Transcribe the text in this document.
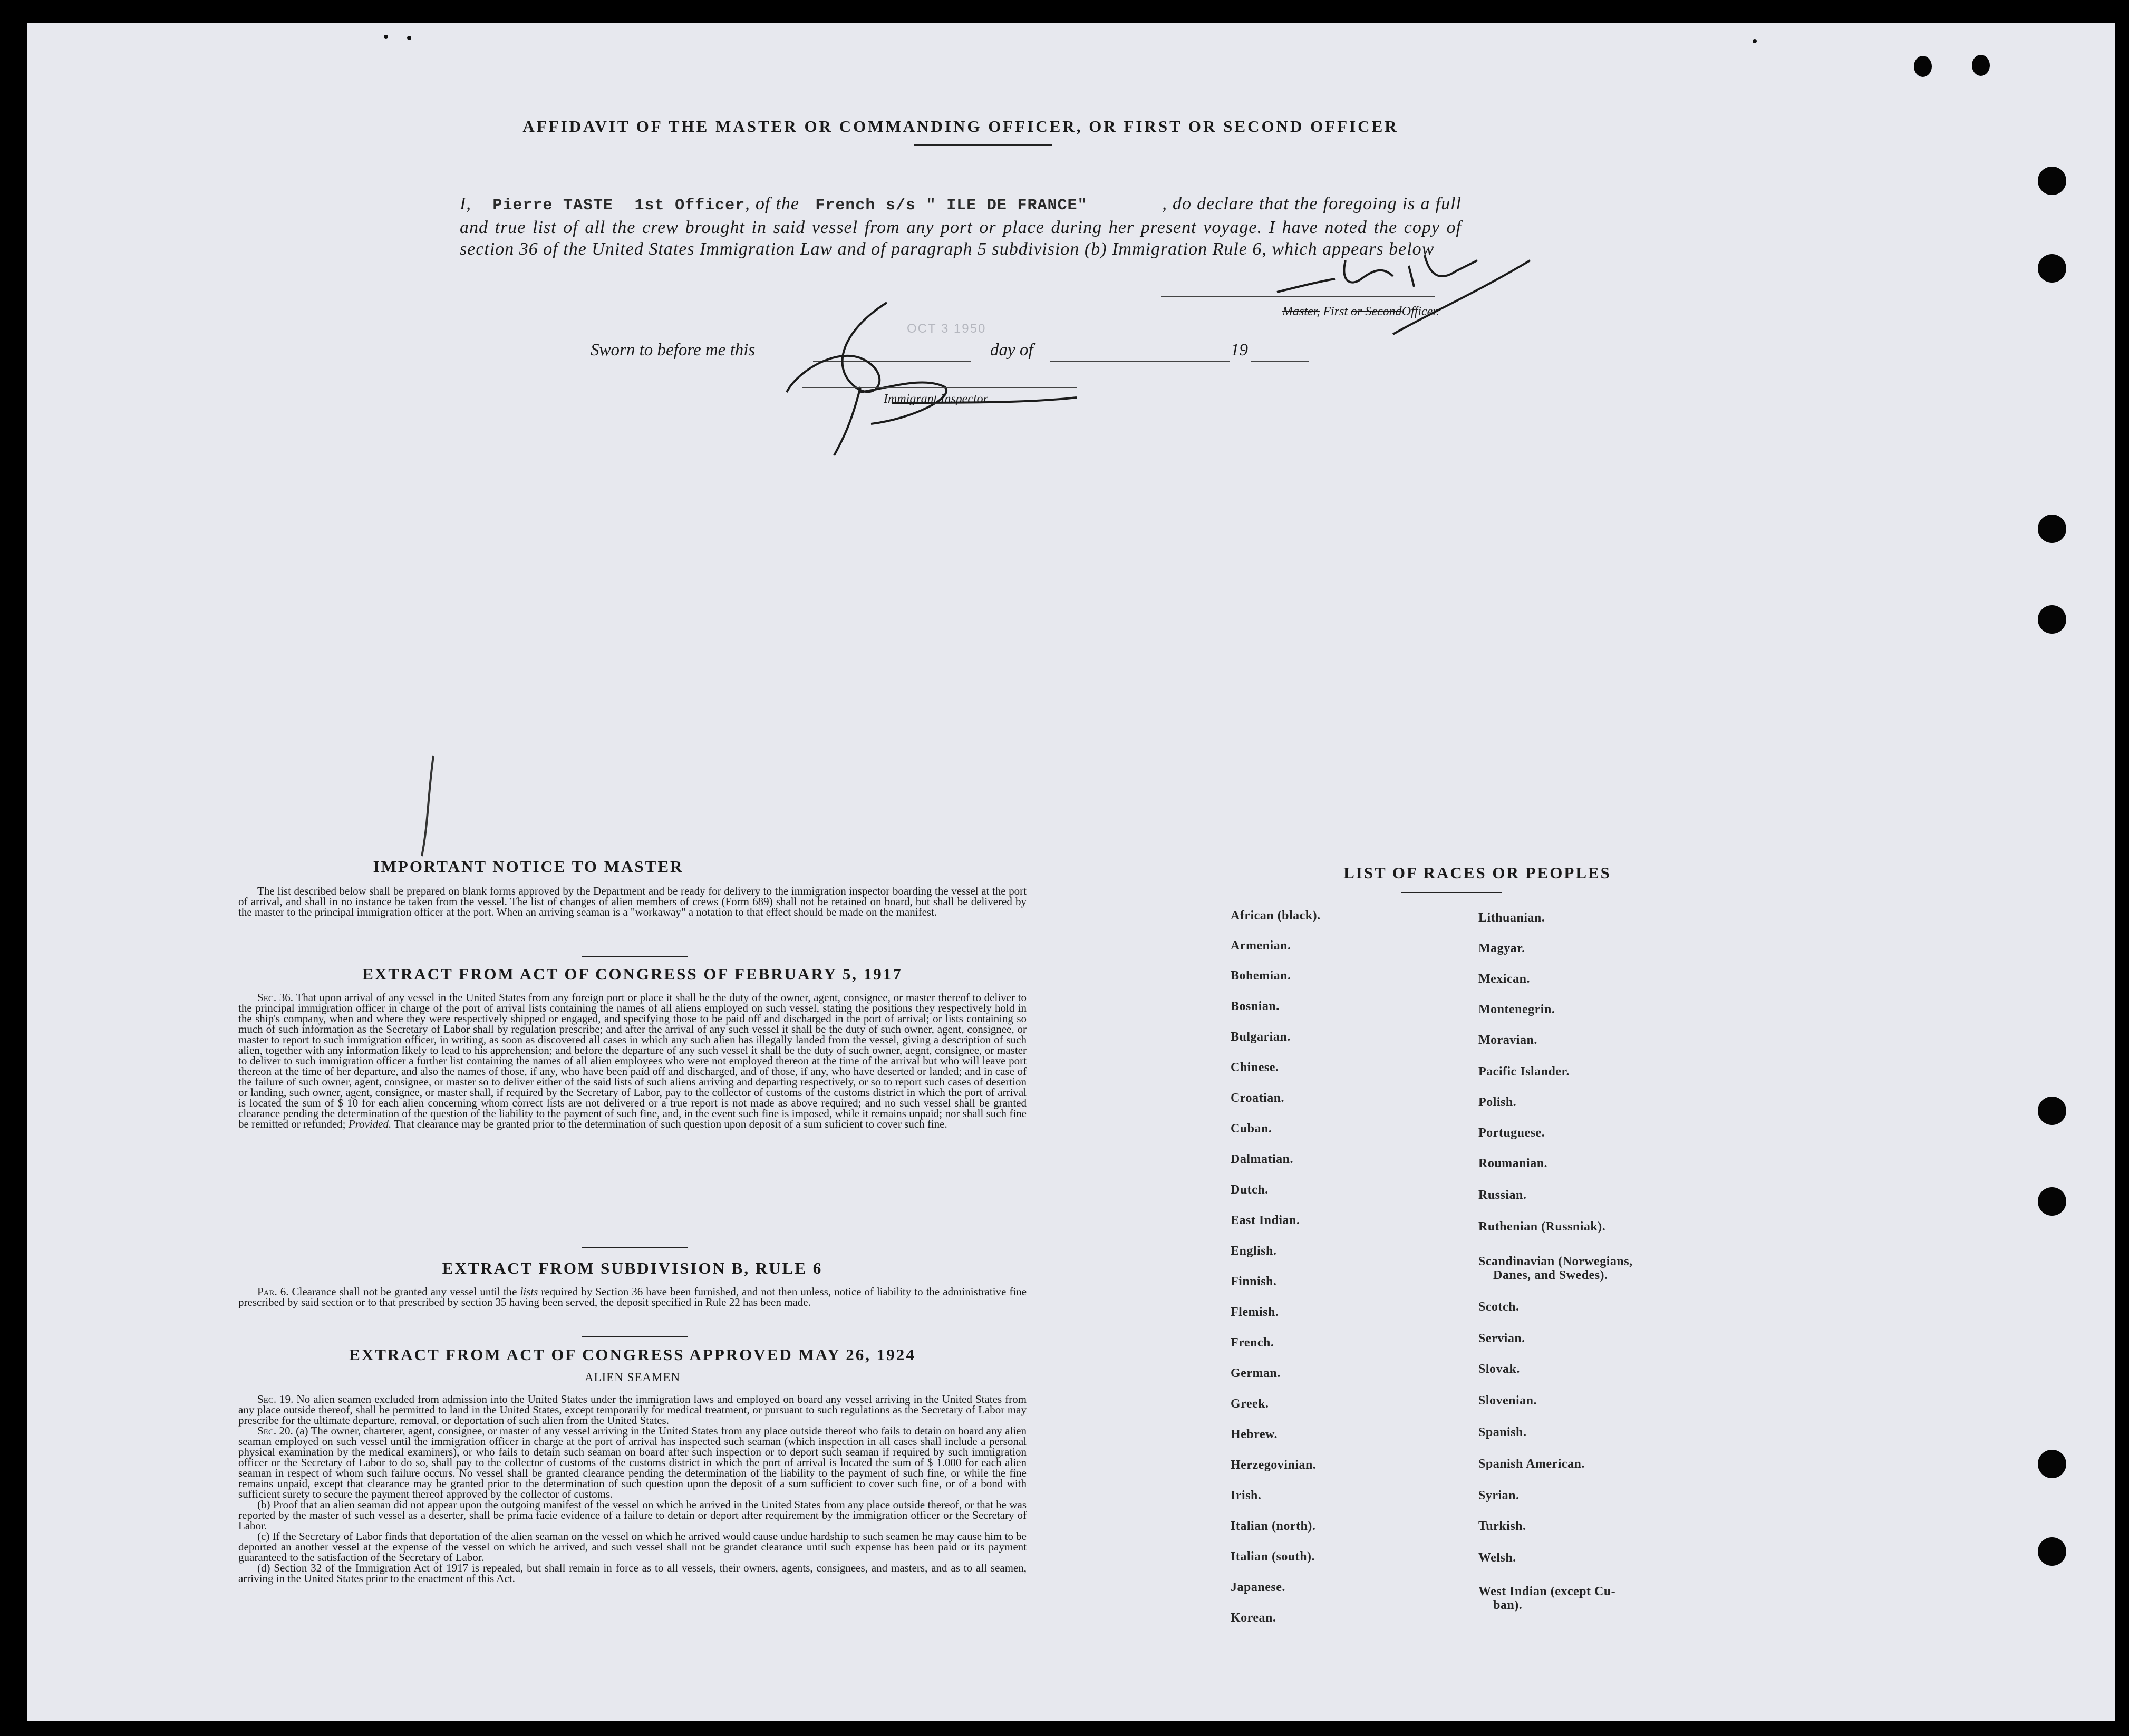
AFFIDAVIT OF THE MASTER OR COMMANDING OFFICER, OR FIRST OR SECOND OFFICER
I, Pierre TASTE 1st Officer, of the French s/s " ILE DE FRANCE"	, do declare that the foregoing is a full and true list of all the crew brought in said vessel from any port or place during her present voyage. I have noted the copy of section 36 of the United States Immigration Law and of paragraph 5 subdivision (b) Immigration Rule 6, which appears below
Master, First or SecondOfficer.
Sworn to before me this	day of	19
OCT 3 1950
Immigrant Inspector.
IMPORTANT NOTICE TO MASTER

The list described below shall be prepared on blank forms approved by the Department and be ready for delivery to the immigration inspector boarding the vessel at the port of arrival, and shall in no instance be taken from the vessel. The list of changes of alien members of crews (Form 689) shall not be retained on board, but shall be delivered by the master to the principal immigration officer at the port. When an arriving seaman is a "workaway" a notation to that effect should be made on the manifest.

EXTRACT FROM ACT OF CONGRESS OF FEBRUARY 5, 1917

Sec. 36. That upon arrival of any vessel in the United States from any foreign port or place it shall be the duty of the owner, agent, consignee, or master thereof to deliver to the principal immigration officer in charge of the port of arrival lists containing the names of all aliens employed on such vessel, stating the positions they respectively hold in the ship's company, when and where they were respectively shipped or engaged, and specifying those to be paid off and discharged in the port of arrival; or lists containing so much of such information as the Secretary of Labor shall by regulation prescribe; and after the arrival of any such vessel it shall be the duty of such owner, agent, consignee, or master to report to such immigration officer, in writing, as soon as discovered all cases in which any such alien has illegally landed from the vessel, giving a description of such alien, together with any information likely to lead to his apprehension; and before the departure of any such vessel it shall be the duty of such owner, aegnt, consignee, or master to deliver to such immigration officer a further list containing the names of all alien employees who were not employed thereon at the time of the arrival but who will leave port thereon at the time of her departure, and also the names of those, if any, who have been paid off and discharged, and of those, if any, who have deserted or landed; and in case of the failure of such owner, agent, consignee, or master so to deliver either of the said lists of such aliens arriving and departing respectively, or so to report such cases of desertion or landing, such owner, agent, consignee, or master shall, if required by the Secretary of Labor, pay to the collector of customs of the customs district in which the port of arrival is located the sum of $ 10 for each alien concerning whom correct lists are not delivered or a true report is not made as above required; and no such vessel shall be granted clearance pending the determination of the question of the liability to the payment of such fine, and, in the event such fine is imposed, while it remains unpaid; nor shall such fine be remitted or refunded; Provided. That clearance may be granted prior to the determination of such question upon deposit of a sum suficient to cover such fine.

EXTRACT FROM SUBDIVISION B, RULE 6

Par. 6. Clearance shall not be granted any vessel until the lists required by Section 36 have been furnished, and not then unless, notice of liability to the administrative fine prescribed by said section or to that prescribed by section 35 having been served, the deposit specified in Rule 22 has been made.

EXTRACT FROM ACT OF CONGRESS APPROVED MAY 26, 1924
ALIEN SEAMEN

Sec. 19. No alien seamen excluded from admission into the United States under the immigration laws and employed on board any vessel arriving in the United States from any place outside thereof, shall be permitted to land in the United States, except temporarily for medical treatment, or pursuant to such regulations as the Secretary of Labor may prescribe for the ultimate departure, removal, or deportation of such alien from the United States.

Sec. 20. (a) The owner, charterer, agent, consignee, or master of any vessel arriving in the United States from any place outside thereof who fails to detain on board any alien seaman employed on such vessel until the immigration officer in charge at the port of arrival has inspected such seaman (which inspection in all cases shall include a personal physical examination by the medical examiners), or who fails to detain such seaman on board after such inspection or to deport such seaman if required by such immigration officer or the Secretary of Labor to do so, shall pay to the collector of customs of the customs district in which the port of arrival is located the sum of $ 1.000 for each alien seaman in respect of whom such failure occurs. No vessel shall be granted clearance pending the determination of the liability to the payment of such fine, or while the fine remains unpaid, except that clearance may be granted prior to the determination of such question upon the deposit of a sum sufficient to cover such fine, or of a bond with sufficient surety to secure the payment thereof approved by the collector of customs.

(b) Proof that an alien seaman did not appear upon the outgoing manifest of the vessel on which he arrived in the United States from any place outside thereof, or that he was reported by the master of such vessel as a deserter, shall be prima facie evidence of a failure to detain or deport after requirement by the immigration officer or the Secretary of Labor.

(c) If the Secretary of Labor finds that deportation of the alien seaman on the vessel on which he arrived would cause undue hardship to such seamen he may cause him to be deported an another vessel at the expense of the vessel on which he arrived, and such vessel shall not be grandet clearance until such expense has been paid or its payment guaranteed to the satisfaction of the Secretary of Labor.

(d) Section 32 of the Immigration Act of 1917 is repealed, but shall remain in force as to all vessels, their owners, agents, consignees, and masters, and as to all seamen, arriving in the United States prior to the enactment of this Act.

LIST OF RACES OR PEOPLES
African (black).
Armenian.
Bohemian.
Bosnian.
Bulgarian.
Chinese.
Croatian.
Cuban.
Dalmatian.
Dutch.
East Indian.
English.
Finnish.
Flemish.
French.
German.
Greek.
Hebrew.
Herzegovinian.
Irish.
Italian (north).
Italian (south).
Japanese.
Korean.
Lithuanian.
Magyar.
Mexican.
Montenegrin.
Moravian.
Pacific Islander.
Polish.
Portuguese.
Roumanian.
Russian.
Ruthenian (Russniak).
Scandinavian (Norwegians,
Danes, and Swedes).
Scotch.
Servian.
Slovak.
Slovenian.
Spanish.
Spanish American.
Syrian.
Turkish.
Welsh.
West Indian (except Cu-
ban).
